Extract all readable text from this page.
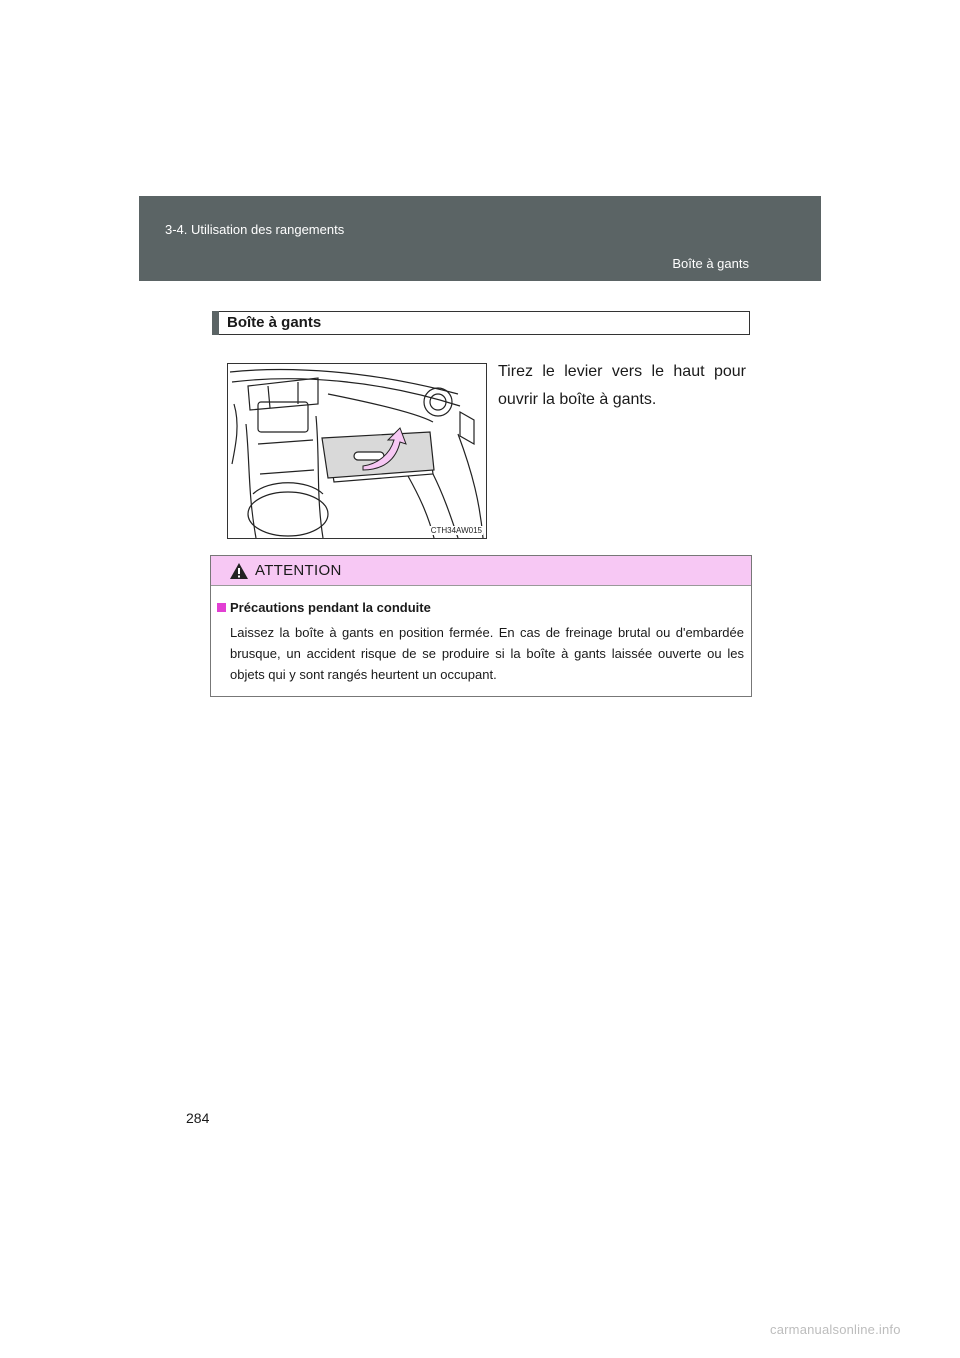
3-4. Utilisation des rangements
Boîte à gants
Boîte à gants
CTH34AW015
Tirez le levier vers le haut pour ouvrir la boîte à gants.
ATTENTION
Précautions pendant la conduite
Laissez la boîte à gants en position fermée. En cas de freinage brutal ou d'embardée brusque, un accident risque de se produire si la boîte à gants laissée ouverte ou les objets qui y sont rangés heurtent un occupant.
284
carmanualsonline.info
